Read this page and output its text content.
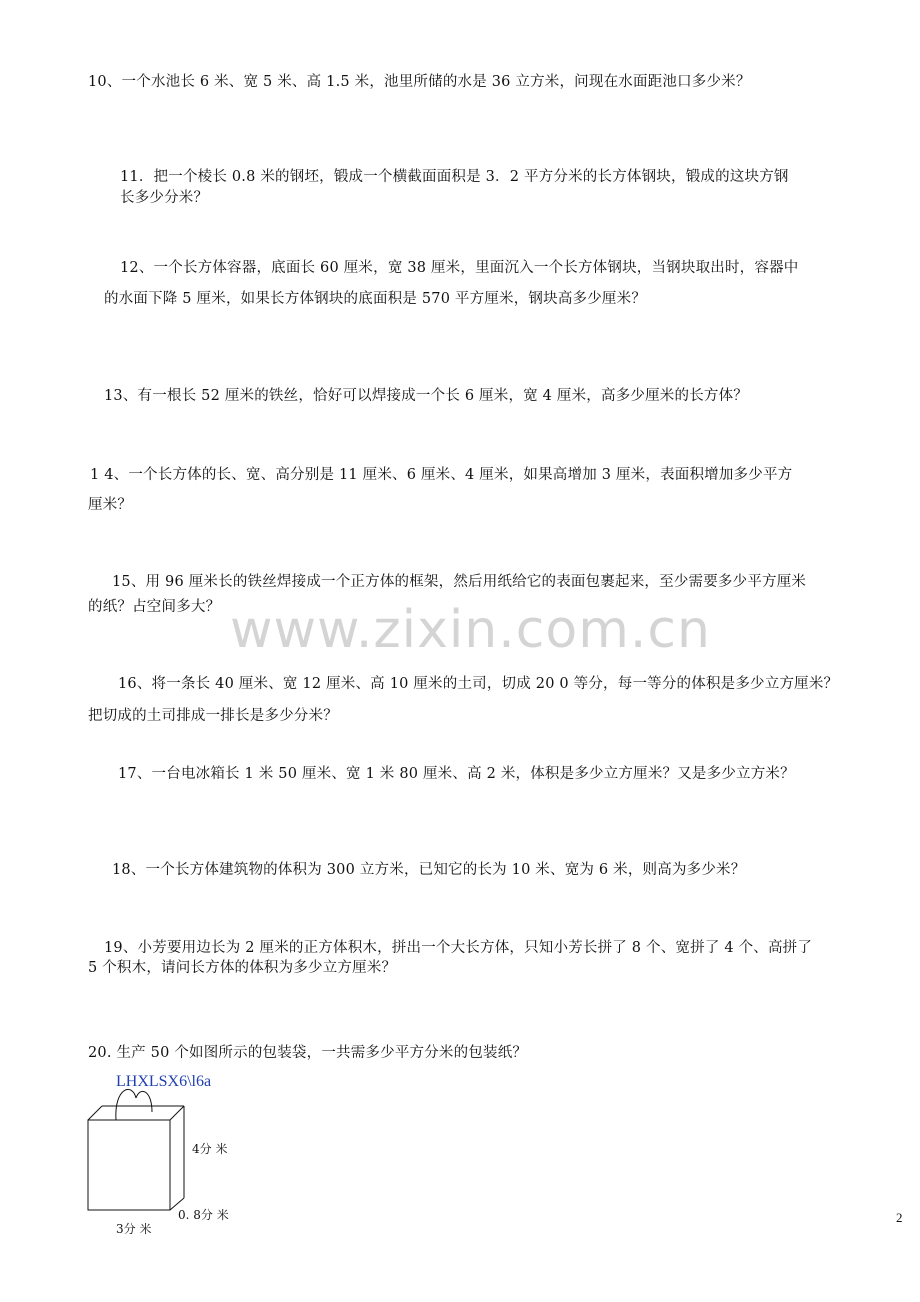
www.zixin.com.cn
10、一个水池长 6 米、宽 5 米、高 1.5 米，池里所储的水是 36 立方米，问现在水面距池口多少米？
11．把一个棱长 0.8 米的钢坯，锻成一个横截面面积是 3．2 平方分米的长方体钢块，锻成的这块方钢
长多少分米？
12、一个长方体容器，底面长 60 厘米，宽 38 厘米，里面沉入一个长方体钢块，当钢块取出时，容器中
的水面下降 5 厘米，如果长方体钢块的底面积是 570 平方厘米，钢块高多少厘米？
13、有一根长 52 厘米的铁丝，恰好可以焊接成一个长 6 厘米，宽 4 厘米，高多少厘米的长方体？
1 4、一个长方体的长、宽、高分别是 11 厘米、6 厘米、4 厘米，如果高增加 3 厘米，表面积增加多少平方
厘米？
15、用 96 厘米长的铁丝焊接成一个正方体的框架，然后用纸给它的表面包裹起来，至少需要多少平方厘米
的纸？占空间多大？
16、将一条长 40 厘米、宽 12 厘米、高 10 厘米的土司，切成 20 0 等分，每一等分的体积是多少立方厘米？
把切成的土司排成一排长是多少分米？
17、一台电冰箱长 1 米 50 厘米、宽 1 米 80 厘米、高 2 米，体积是多少立方厘米？又是多少立方米？
18、一个长方体建筑物的体积为 300 立方米，已知它的长为 10 米、宽为 6 米，则高为多少米？
19、小芳要用边长为 2 厘米的正方体积木，拼出一个大长方体，只知小芳长拼了 8 个、宽拼了 4 个、高拼了
5 个积木，请问长方体的体积为多少立方厘米？
20. 生产 50 个如图所示的包装袋，一共需多少平方分米的包装纸？
LHXLSX6\l6a
4分 米
0. 8分 米
3分 米
2
